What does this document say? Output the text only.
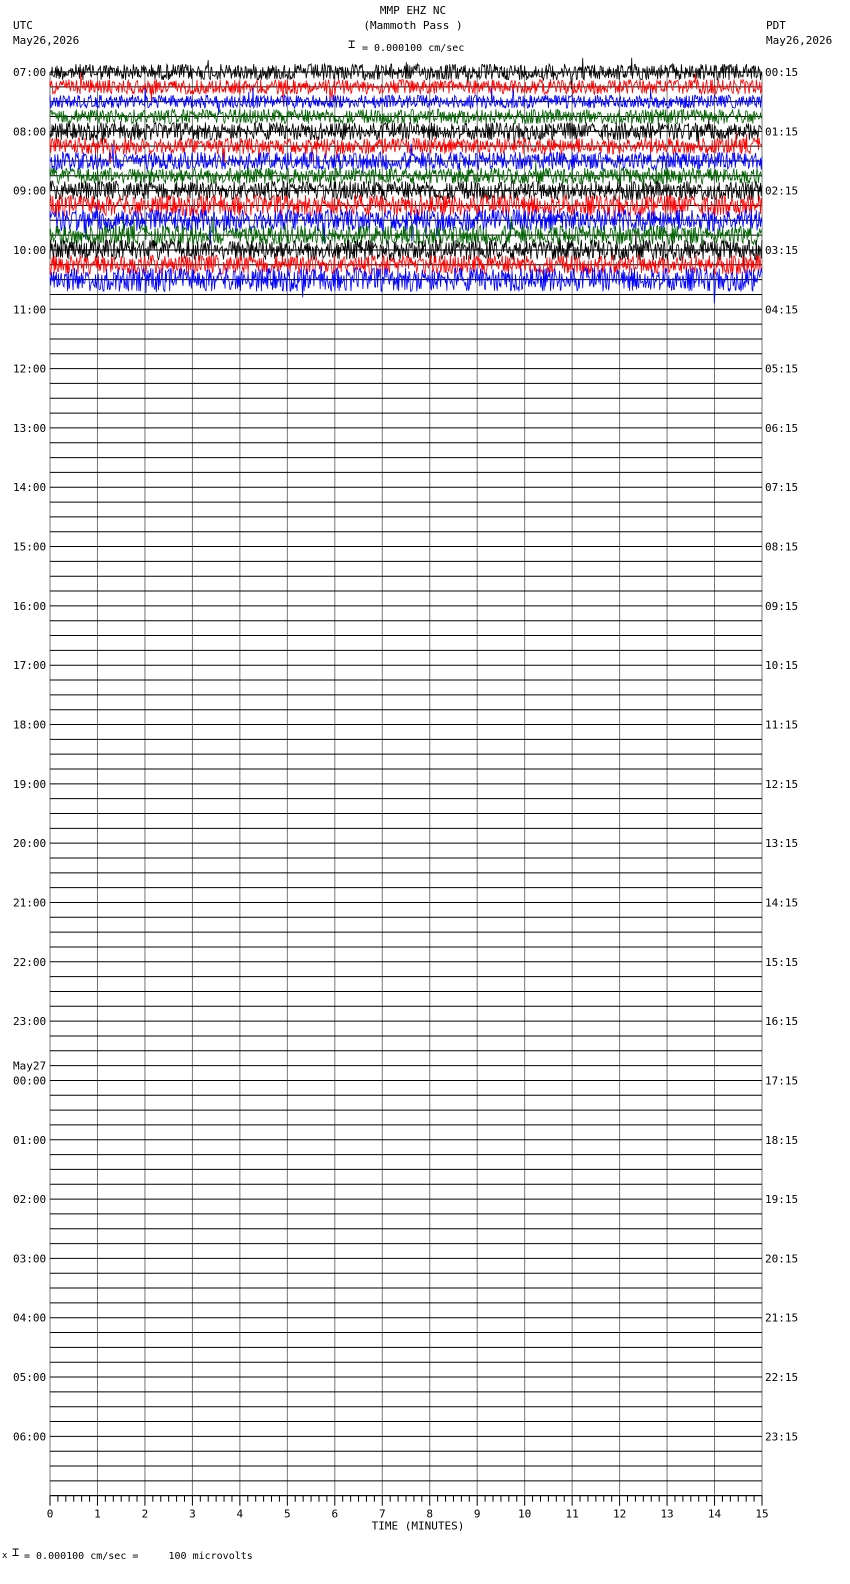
MMP EHZ NC
(Mammoth Pass )
⌶ = 0.000100 cm/sec
UTC
May26,2026
PDT
May26,2026
0	1	2	3	4	5	6	7	8	9	10	11	12	13	14	15
TIME (MINUTES)
07:00
08:00
09:00
10:00
11:00
12:00
13:00
14:00
15:00
16:00
17:00
18:00
19:00
20:00
21:00
22:00
23:00
00:00
May27
01:00
02:00
03:00
04:00
05:00
06:00
00:15
01:15
02:15
03:15
04:15
05:15
06:15
07:15
08:15
09:15
10:15
11:15
12:15
13:15
14:15
15:15
16:15
17:15
18:15
19:15
20:15
21:15
22:15
23:15
x ⌶ = 0.000100 cm/sec =     100 microvolts
